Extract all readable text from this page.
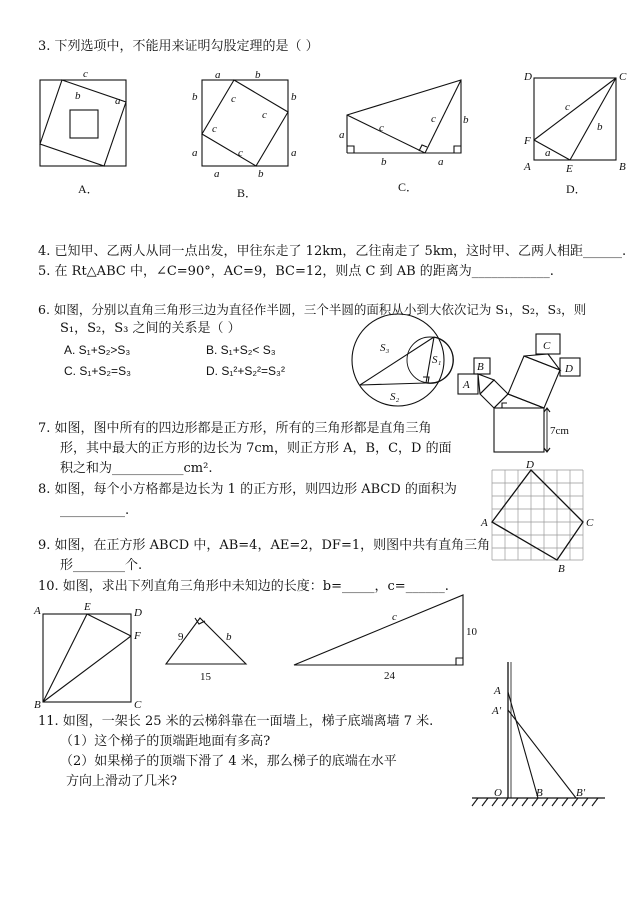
3. 下列选项中，不能用来证明勾股定理的是（ ）
c
b	a
A．
a	b
b
a
b
a
a	b
c
c
c
c
B．
a
b
b	a
c
c
C．
D	C
F
A	E	B
c
b
a
D．
4. 已知甲、乙两人从同一点出发，甲往东走了 12km，乙往南走了 5km，这时甲、乙两人相距______.
5. 在 Rt△ABC 中，∠C=90°，AC=9，BC=12，则点 C 到 AB 的距离为____________.
6. 如图，分别以直角三角形三边为直径作半圆，三个半圆的面积从小到大依次记为 S₁，S₂，S₃，则
S₁，S₂，S₃ 之间的关系是（ ）
A. S₁+S₂>S₃	B. S₁+S₂< S₃
C. S₁+S₂=S₃	D. S₁²+S₂²=S₃²
S₃
S₁
S₂
A
B
C
D
7cm
7. 如图，图中所有的四边形都是正方形，所有的三角形都是直角三角
形，其中最大的正方形的边长为 7cm，则正方形 A，B，C，D 的面
积之和为___________cm².
8. 如图，每个小方格都是边长为 1 的正方形，则四边形 ABCD 的面积为
__________.
D
C
A
B
9. 如图，在正方形 ABCD 中，AB=4，AE=2，DF=1，则图中共有直角三角
形________个.
10. 如图，求出下列直角三角形中未知边的长度：b=_____，c=______.
A	E	D
F
B	C
9	b
15
c
10
24
11. 如图，一架长 25 米的云梯斜靠在一面墙上，梯子底端离墙 7 米.
（1）这个梯子的顶端距地面有多高?
（2）如果梯子的顶端下滑了 4 米，那么梯子的底端在水平
方向上滑动了几米?
A
A′
O	B	B′
